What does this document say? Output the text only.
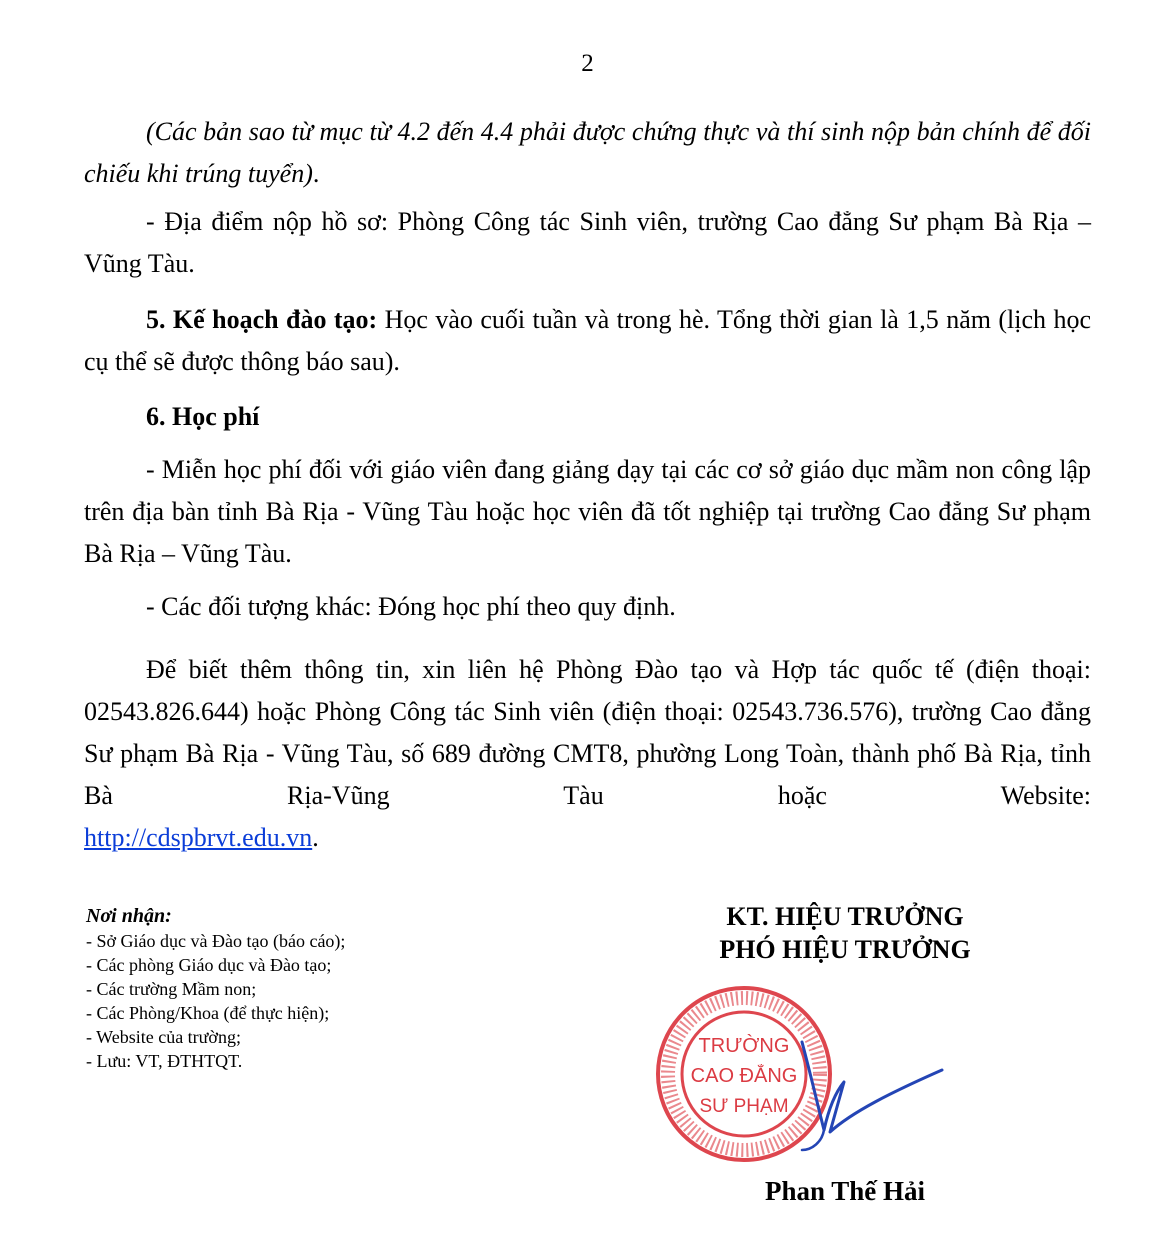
2

(Các bản sao từ mục từ 4.2 đến 4.4 phải được chứng thực và thí sinh nộp bản chính để đối chiếu khi trúng tuyển).

- Địa điểm nộp hồ sơ: Phòng Công tác Sinh viên, trường Cao đẳng Sư phạm Bà Rịa – Vũng Tàu.

5. Kế hoạch đào tạo: Học vào cuối tuần và trong hè. Tổng thời gian là 1,5 năm (lịch học cụ thể sẽ được thông báo sau).

6. Học phí

- Miễn học phí đối với giáo viên đang giảng dạy tại các cơ sở giáo dục mầm non công lập trên địa bàn tỉnh Bà Rịa - Vũng Tàu hoặc học viên đã tốt nghiệp tại trường Cao đẳng Sư phạm Bà Rịa – Vũng Tàu.

- Các đối tượng khác: Đóng học phí theo quy định.

Để biết thêm thông tin, xin liên hệ Phòng Đào tạo và Hợp tác quốc tế (điện thoại: 02543.826.644) hoặc Phòng Công tác Sinh viên (điện thoại: 02543.736.576), trường Cao đẳng Sư phạm Bà Rịa - Vũng Tàu, số 689 đường CMT8, phường Long Toàn, thành phố Bà Rịa, tỉnh Bà Rịa-Vũng Tàu hoặc Website:

http://cdspbrvt.edu.vn.

Nơi nhận:
- Sở Giáo dục và Đào tạo (báo cáo);
- Các phòng Giáo dục và Đào tạo;
- Các trường Mầm non;
- Các Phòng/Khoa (để thực hiện);
- Website của trường;
- Lưu: VT, ĐTHTQT.
KT. HIỆU TRƯỞNG
PHÓ HIỆU TRƯỞNG
TRƯỜNG
CAO ĐẲNG
SƯ PHẠM
Phan Thế Hải
